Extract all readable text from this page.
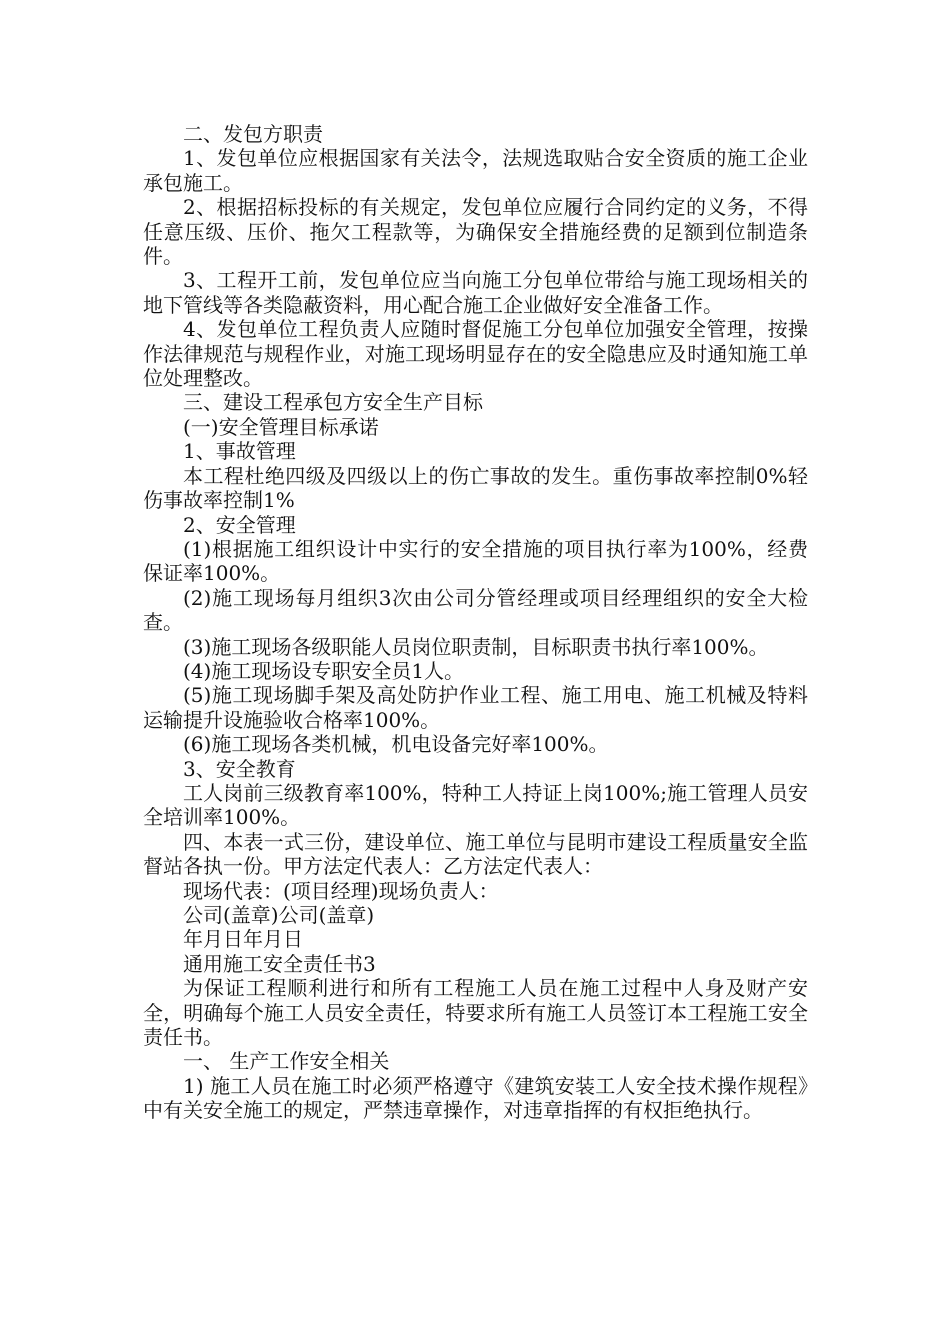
二、发包方职责

1、发包单位应根据国家有关法令，法规选取贴合安全资质的施工企业承包施工。

2、根据招标投标的有关规定，发包单位应履行合同约定的义务，不得任意压级、压价、拖欠工程款等，为确保安全措施经费的足额到位制造条件。

3、工程开工前，发包单位应当向施工分包单位带给与施工现场相关的地下管线等各类隐蔽资料，用心配合施工企业做好安全准备工作。

4、发包单位工程负责人应随时督促施工分包单位加强安全管理，按操作法律规范与规程作业，对施工现场明显存在的安全隐患应及时通知施工单位处理整改。

三、建设工程承包方安全生产目标

(一)安全管理目标承诺

1、事故管理

本工程杜绝四级及四级以上的伤亡事故的发生。重伤事故率控制0%轻伤事故率控制1%

2、安全管理

(1)根据施工组织设计中实行的安全措施的项目执行率为100%，经费保证率100%。

(2)施工现场每月组织3次由公司分管经理或项目经理组织的安全大检查。

(3)施工现场各级职能人员岗位职责制，目标职责书执行率100%。

(4)施工现场设专职安全员1人。

(5)施工现场脚手架及高处防护作业工程、施工用电、施工机械及特料运输提升设施验收合格率100%。

(6)施工现场各类机械，机电设备完好率100%。

3、安全教育

工人岗前三级教育率100%，特种工人持证上岗100%;施工管理人员安全培训率100%。

四、本表一式三份，建设单位、施工单位与昆明市建设工程质量安全监督站各执一份。甲方法定代表人：乙方法定代表人：

现场代表：(项目经理)现场负责人：

公司(盖章)公司(盖章)

年月日年月日

通用施工安全责任书3

为保证工程顺利进行和所有工程施工人员在施工过程中人身及财产安全，明确每个施工人员安全责任，特要求所有施工人员签订本工程施工安全责任书。

一、 生产工作安全相关

1) 施工人员在施工时必须严格遵守《建筑安装工人安全技术操作规程》中有关安全施工的规定，严禁违章操作，对违章指挥的有权拒绝执行。
